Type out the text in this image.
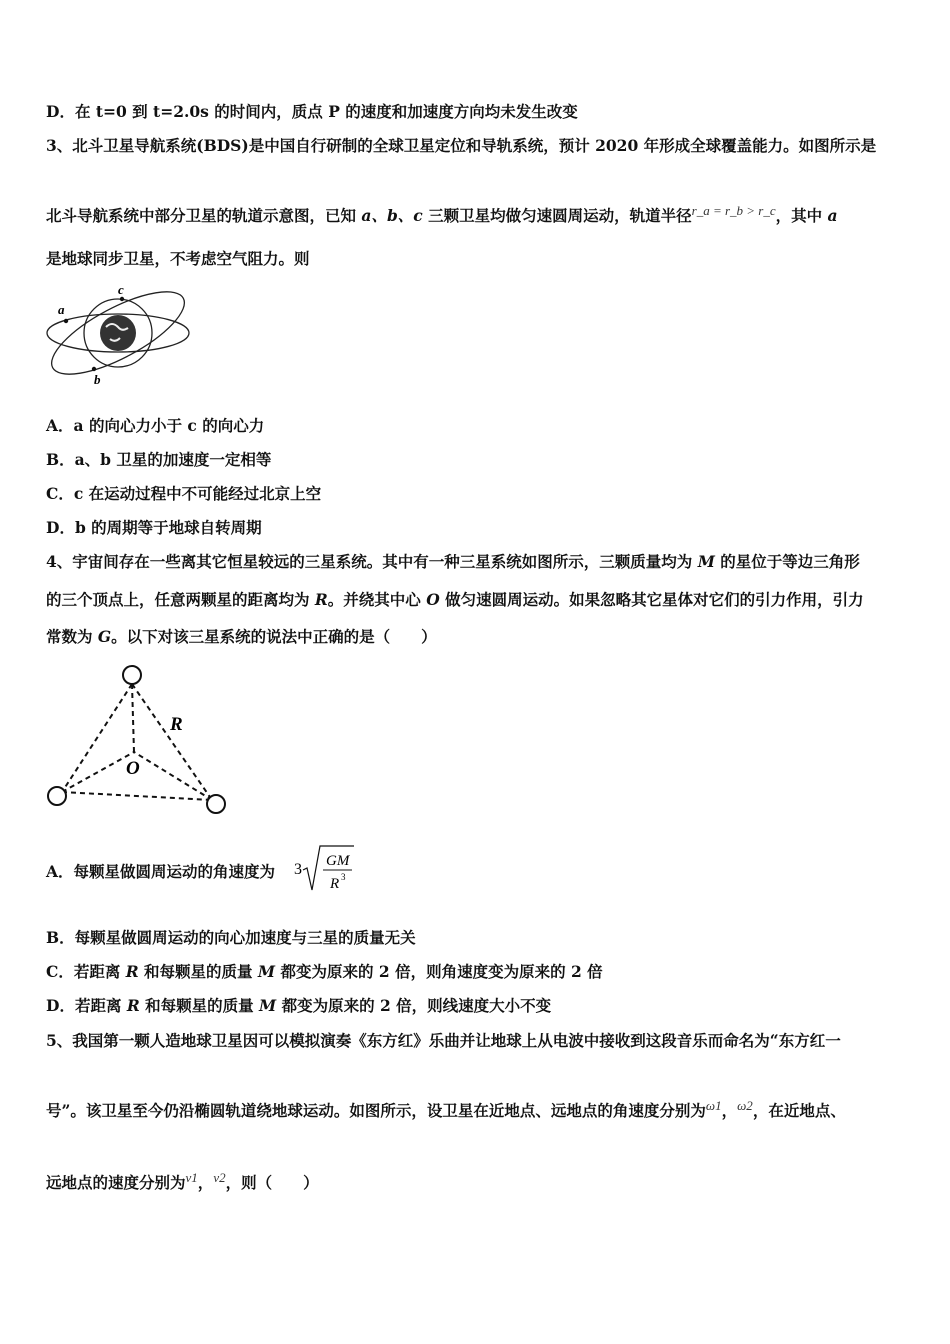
D．在 t=0 到 t=2.0s 的时间内，质点 P 的速度和加速度方向均未发生改变
3、北斗卫星导航系统(BDS)是中国自行研制的全球卫星定位和导轨系统，预计 2020 年形成全球覆盖能力。如图所示是
北斗导航系统中部分卫星的轨道示意图，已知 a、b、c 三颗卫星均做匀速圆周运动，轨道半径$^{r\_a = r\_b > r\_c}$，其中 a
是地球同步卫星，不考虑空气阻力。则
a
c
b
A．a 的向心力小于 c 的向心力
B．a、b 卫星的加速度一定相等
C．c 在运动过程中不可能经过北京上空
D．b 的周期等于地球自转周期
4、宇宙间存在一些离其它恒星较远的三星系统。其中有一种三星系统如图所示，三颗质量均为 M 的星位于等边三角形
的三个顶点上，任意两颗星的距离均为 R。并绕其中心 O 做匀速圆周运动。如果忽略其它星体对它们的引力作用，引力
常数为 G。以下对该三星系统的说法中正确的是（　　）
R
O
A．每颗星做圆周运动的角速度为 3 GM
R 3
B．每颗星做圆周运动的向心加速度与三星的质量无关
C．若距离 R 和每颗星的质量 M 都变为原来的 2 倍，则角速度变为原来的 2 倍
D．若距离 R 和每颗星的质量 M 都变为原来的 2 倍，则线速度大小不变
5、我国第一颗人造地球卫星因可以模拟演奏《东方红》乐曲并让地球上从电波中接收到这段音乐而命名为“东方红一
号”。该卫星至今仍沿椭圆轨道绕地球运动。如图所示，设卫星在近地点、远地点的角速度分别为$^{\omega 1}$，$^{\omega 2}$，在近地点、
远地点的速度分别为$^{v1}$，$^{v2}$，则（　　）
